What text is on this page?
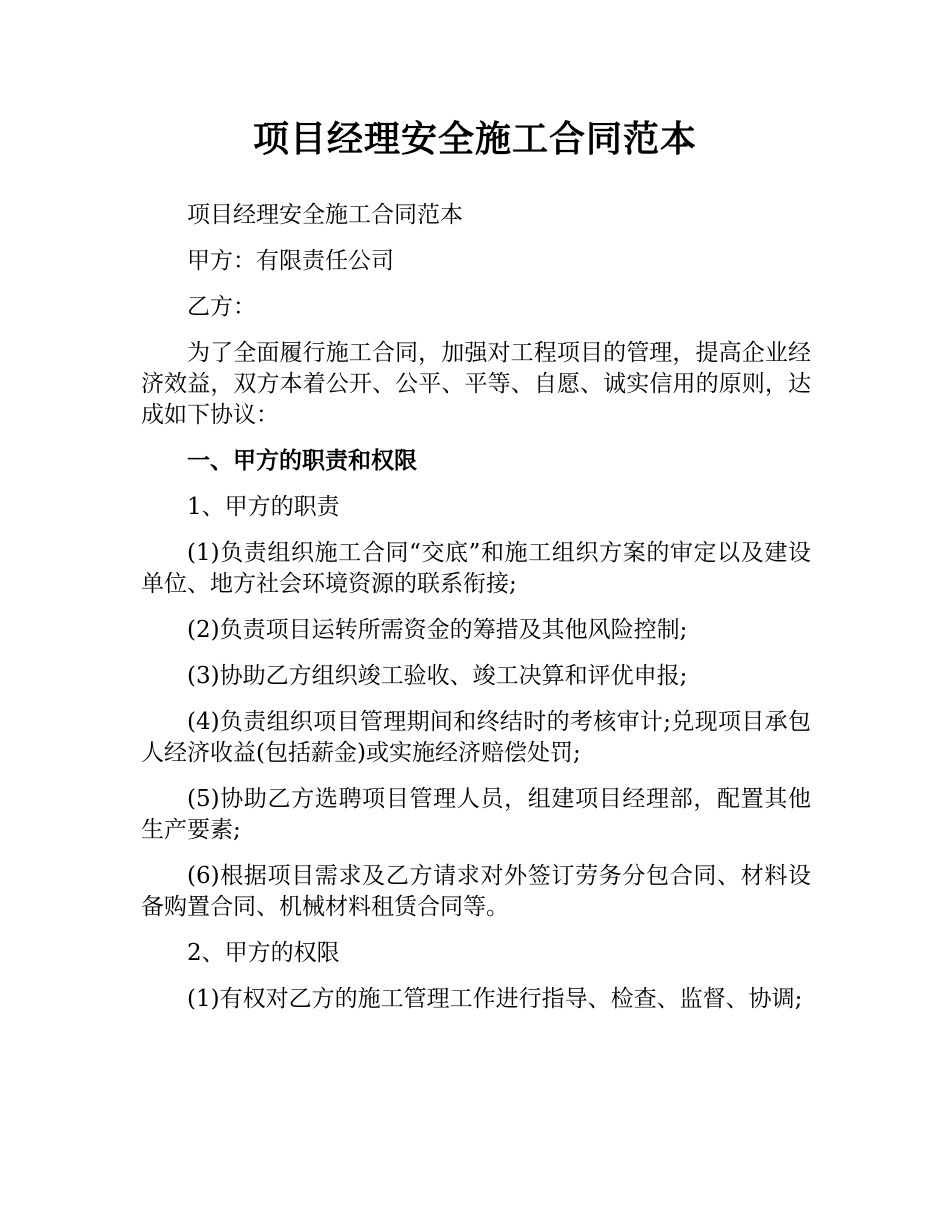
项目经理安全施工合同范本

项目经理安全施工合同范本

甲方：有限责任公司

乙方：

为了全面履行施工合同，加强对工程项目的管理，提高企业经济效益，双方本着公开、公平、平等、自愿、诚实信用的原则，达成如下协议：

一、甲方的职责和权限

1、甲方的职责

(1)负责组织施工合同“交底”和施工组织方案的审定以及建设单位、地方社会环境资源的联系衔接;

(2)负责项目运转所需资金的筹措及其他风险控制;

(3)协助乙方组织竣工验收、竣工决算和评优申报;

(4)负责组织项目管理期间和终结时的考核审计;兑现项目承包人经济收益(包括薪金)或实施经济赔偿处罚;

(5)协助乙方选聘项目管理人员，组建项目经理部，配置其他生产要素;

(6)根据项目需求及乙方请求对外签订劳务分包合同、材料设备购置合同、机械材料租赁合同等。

2、甲方的权限

(1)有权对乙方的施工管理工作进行指导、检查、监督、协调;
